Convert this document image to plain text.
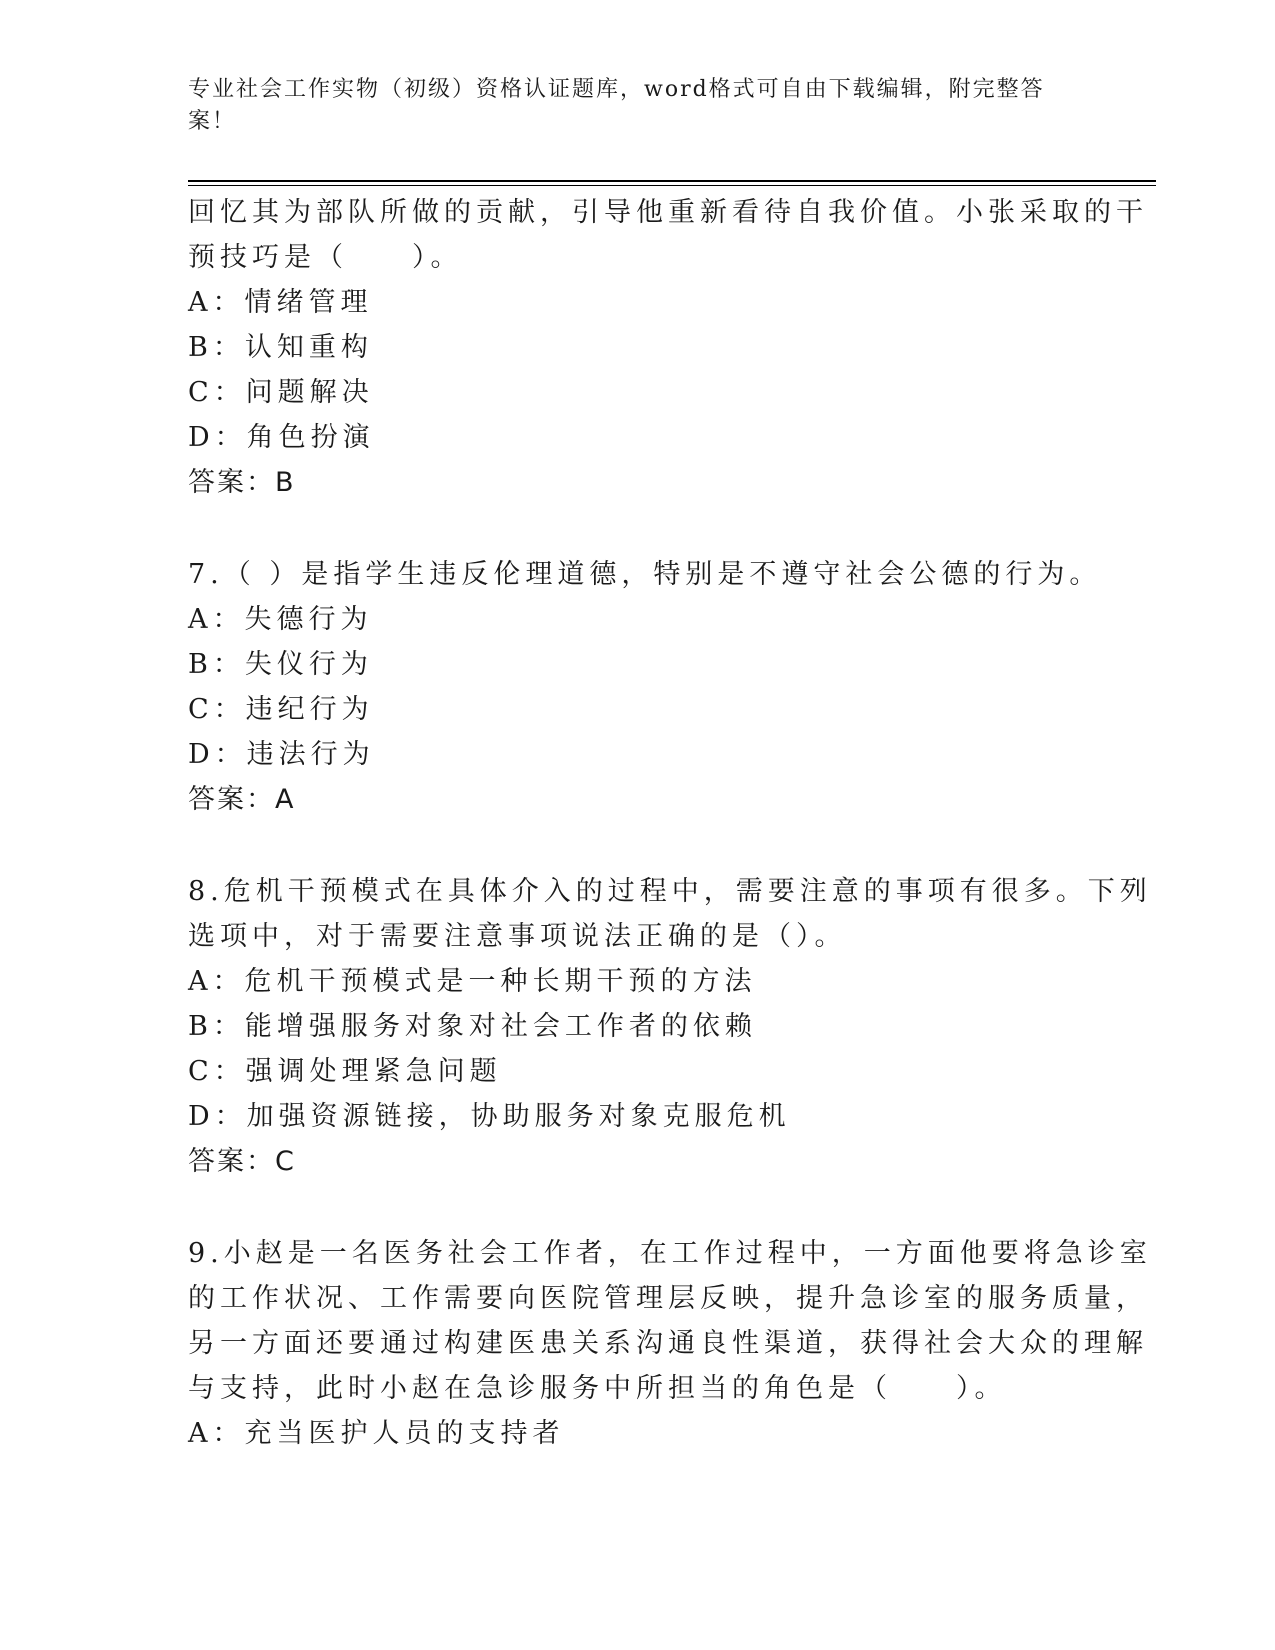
专业社会工作实物（初级）资格认证题库，word格式可自由下载编辑，附完整答
案！
回忆其为部队所做的贡献，引导他重新看待自我价值。小张采取的干
预技巧是（　　）。
A：情绪管理
B：认知重构
C：问题解决
D：角色扮演
答案：B
7.（ ）是指学生违反伦理道德，特别是不遵守社会公德的行为。
A：失德行为
B：失仪行为
C：违纪行为
D：违法行为
答案：A
8.危机干预模式在具体介入的过程中，需要注意的事项有很多。下列
选项中，对于需要注意事项说法正确的是（）。
A：危机干预模式是一种长期干预的方法
B：能增强服务对象对社会工作者的依赖
C：强调处理紧急问题
D：加强资源链接，协助服务对象克服危机
答案：C
9.小赵是一名医务社会工作者，在工作过程中，一方面他要将急诊室
的工作状况、工作需要向医院管理层反映，提升急诊室的服务质量，
另一方面还要通过构建医患关系沟通良性渠道，获得社会大众的理解
与支持，此时小赵在急诊服务中所担当的角色是（　　）。
A：充当医护人员的支持者
